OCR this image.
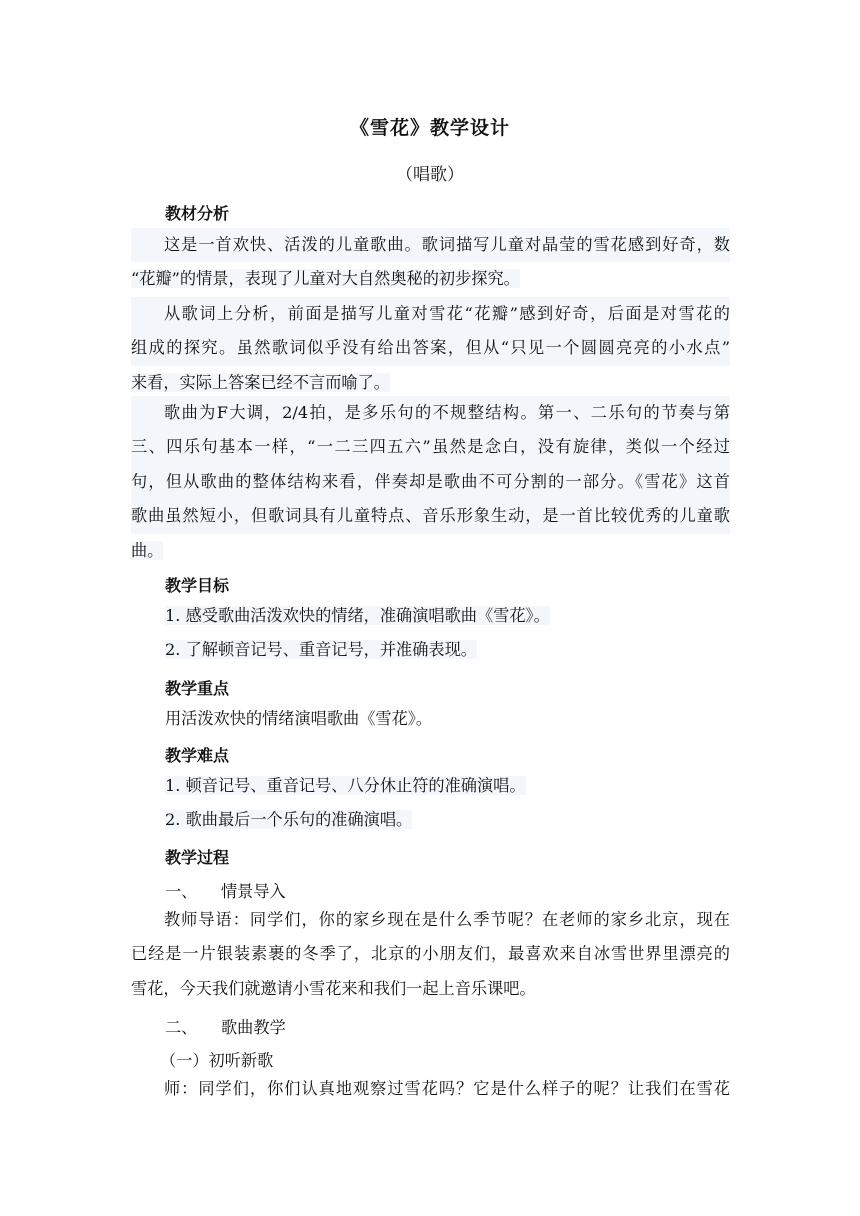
《雪花》教学设计
（唱歌）
教材分析
这是一首欢快、活泼的儿童歌曲。歌词描写儿童对晶莹的雪花感到好奇，数
“花瓣”的情景，表现了儿童对大自然奥秘的初步探究。
从歌词上分析，前面是描写儿童对雪花“花瓣”感到好奇，后面是对雪花的
组成的探究。虽然歌词似乎没有给出答案，但从“只见一个圆圆亮亮的小水点”
来看，实际上答案已经不言而喻了。
歌曲为F大调，2/4拍，是多乐句的不规整结构。第一、二乐句的节奏与第
三、四乐句基本一样，“一二三四五六”虽然是念白，没有旋律，类似一个经过
句，但从歌曲的整体结构来看，伴奏却是歌曲不可分割的一部分。《雪花》这首
歌曲虽然短小，但歌词具有儿童特点、音乐形象生动，是一首比较优秀的儿童歌
曲。
教学目标
1. 感受歌曲活泼欢快的情绪，准确演唱歌曲《雪花》。
2. 了解顿音记号、重音记号，并准确表现。
教学重点
用活泼欢快的情绪演唱歌曲《雪花》。
教学难点
1. 顿音记号、重音记号、八分休止符的准确演唱。
2. 歌曲最后一个乐句的准确演唱。
教学过程
一、 情景导入
教师导语：同学们，你的家乡现在是什么季节呢？在老师的家乡北京，现在
已经是一片银装素裹的冬季了，北京的小朋友们，最喜欢来自冰雪世界里漂亮的
雪花，今天我们就邀请小雪花来和我们一起上音乐课吧。
二、 歌曲教学
（一）初听新歌
师：同学们，你们认真地观察过雪花吗？它是什么样子的呢？让我们在雪花
